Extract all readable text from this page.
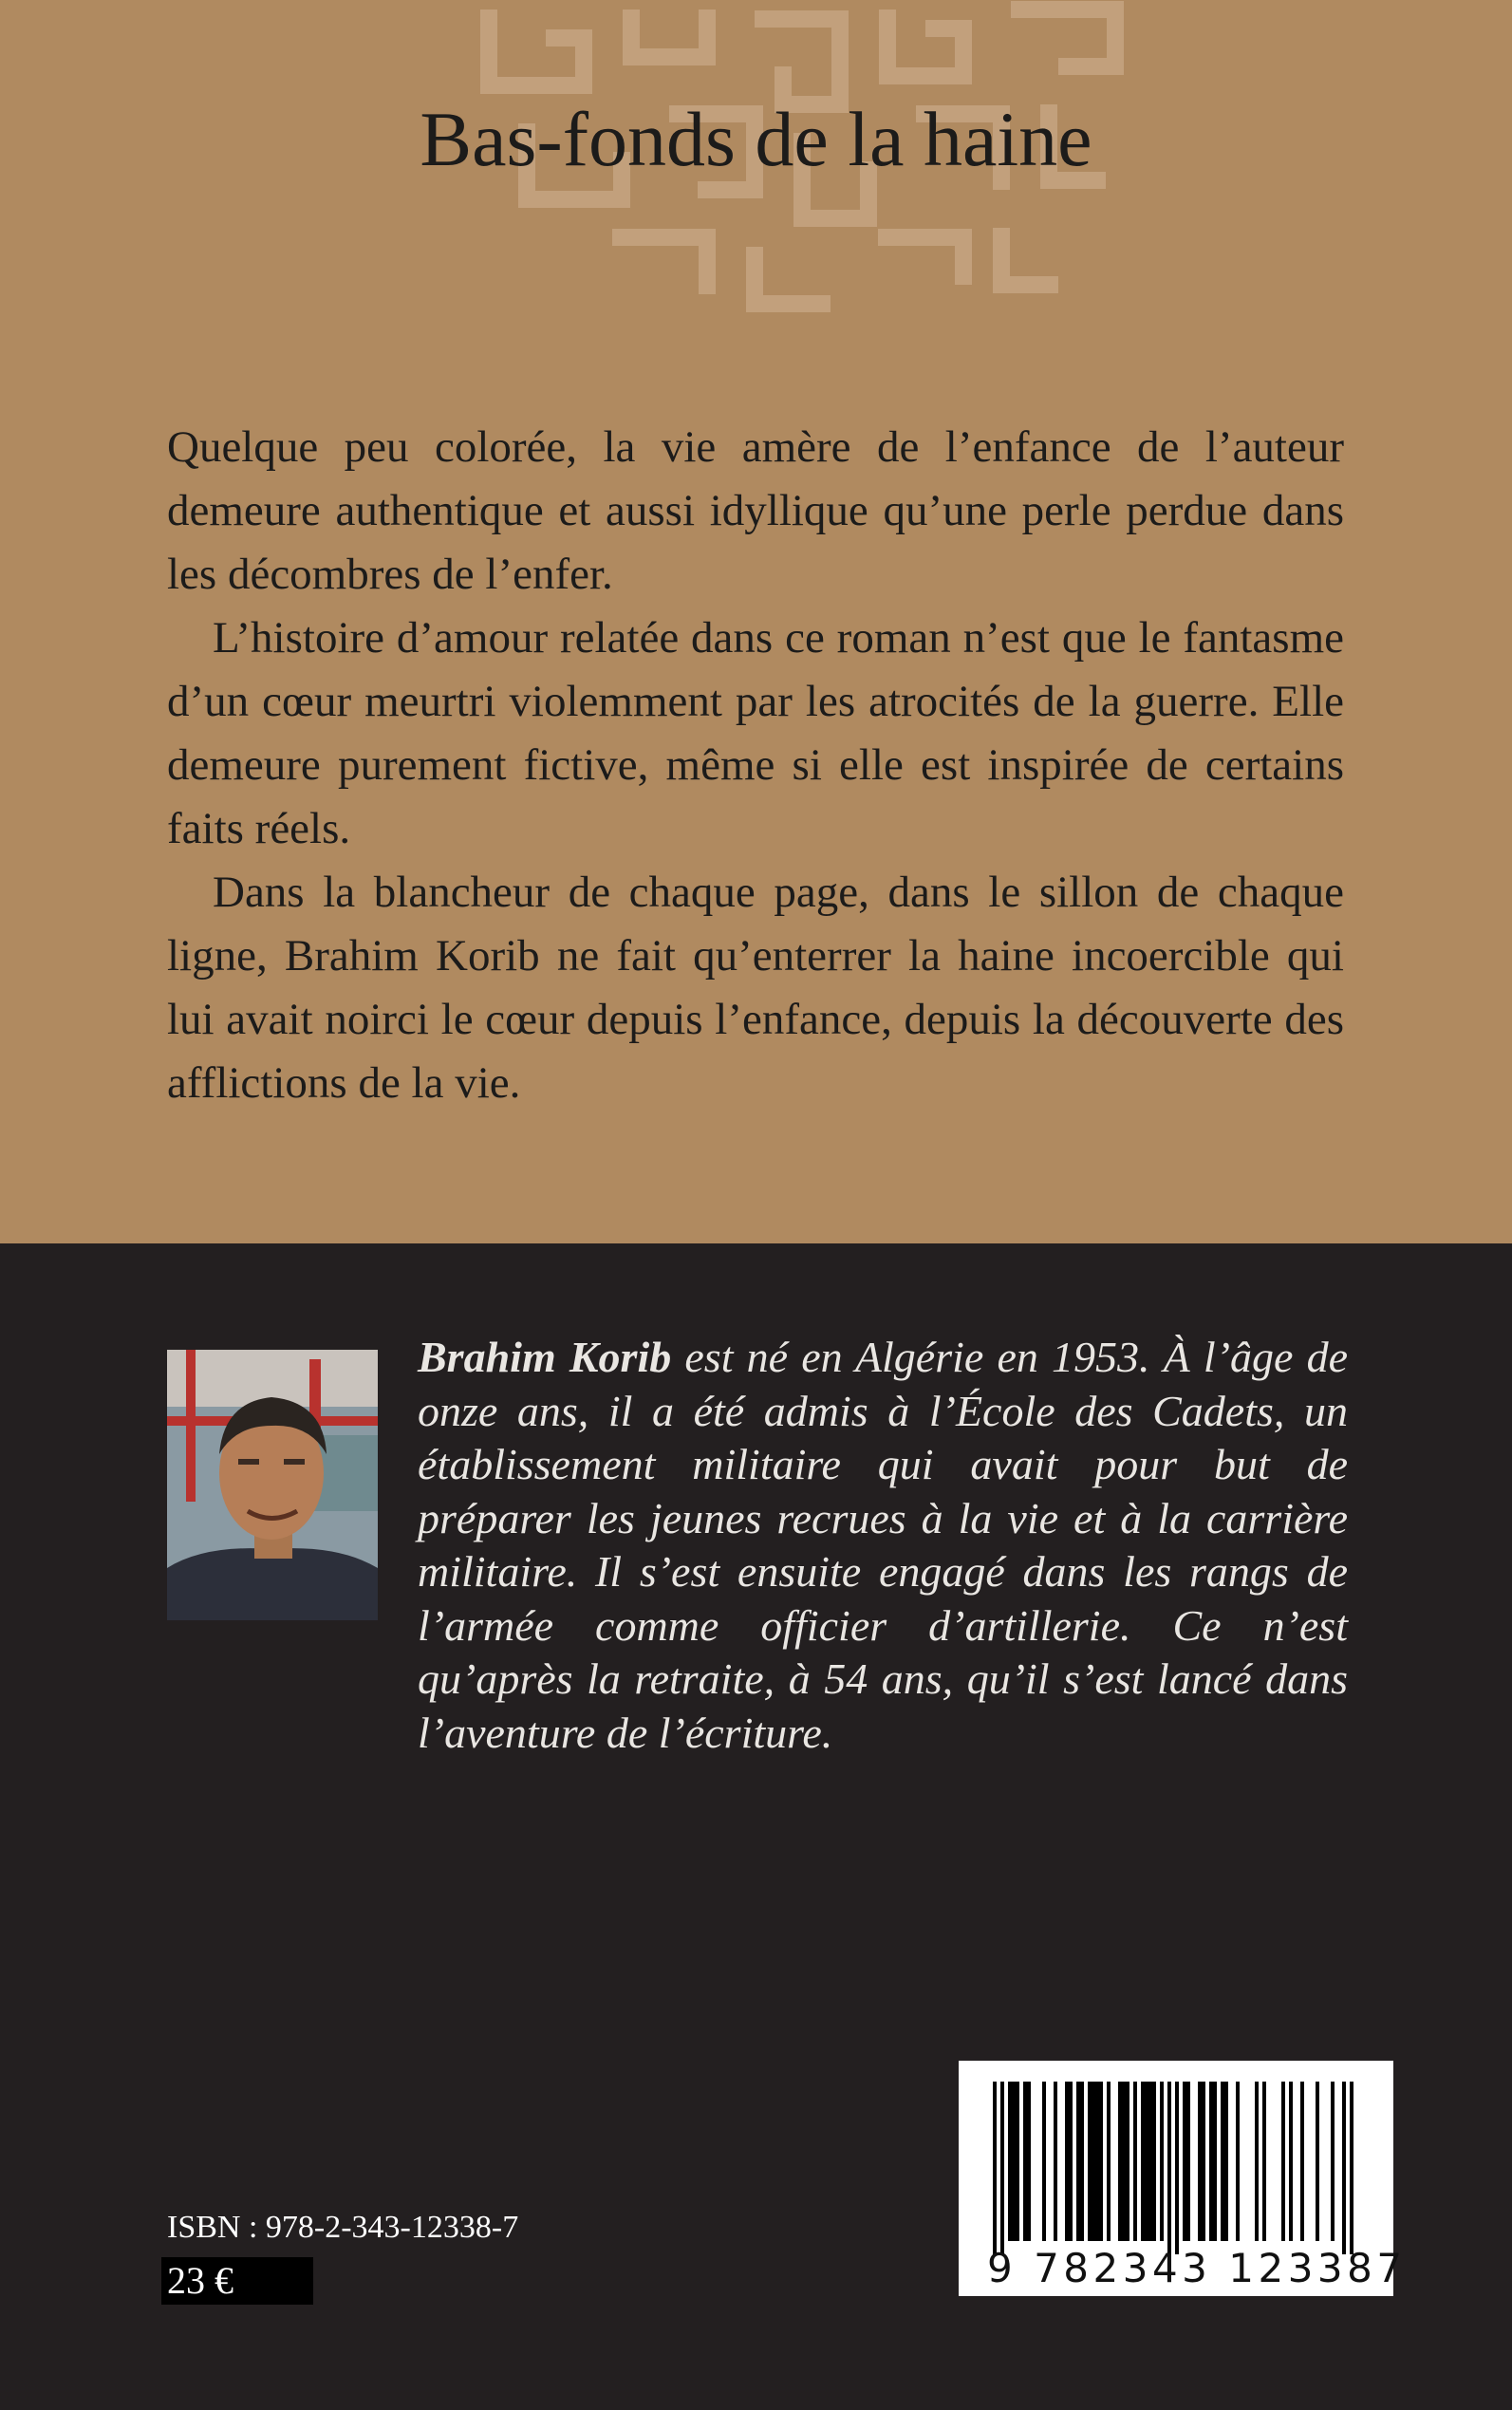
Bas-fonds de la haine

Quelque peu colorée, la vie amère de l’enfance de l’auteur demeure authentique et aussi idyllique qu’une perle perdue dans les décombres de l’enfer.

L’histoire d’amour relatée dans ce roman n’est que le fantasme d’un cœur meurtri violemment par les atrocités de la guerre. Elle demeure purement fictive, même si elle est inspirée de certains faits réels.

Dans la blancheur de chaque page, dans le sillon de chaque ligne, Brahim Korib ne fait qu’enterrer la haine incoercible qui lui avait noirci le cœur depuis l’enfance, depuis la découverte des afflictions de la vie.

Brahim Korib est né en Algérie en 1953. À l’âge de onze ans, il a été admis à l’École des Cadets, un établissement militaire qui avait pour but de préparer les jeunes recrues à la vie et à la carrière militaire. Il s’est ensuite engagé dans les rangs de l’armée comme officier d’artillerie. Ce n’est qu’après la retraite, à 54 ans, qu’il s’est lancé dans l’aventure de l’écriture.
ISBN : 978-2-343-12338-7
23 €	9 782343 123387
